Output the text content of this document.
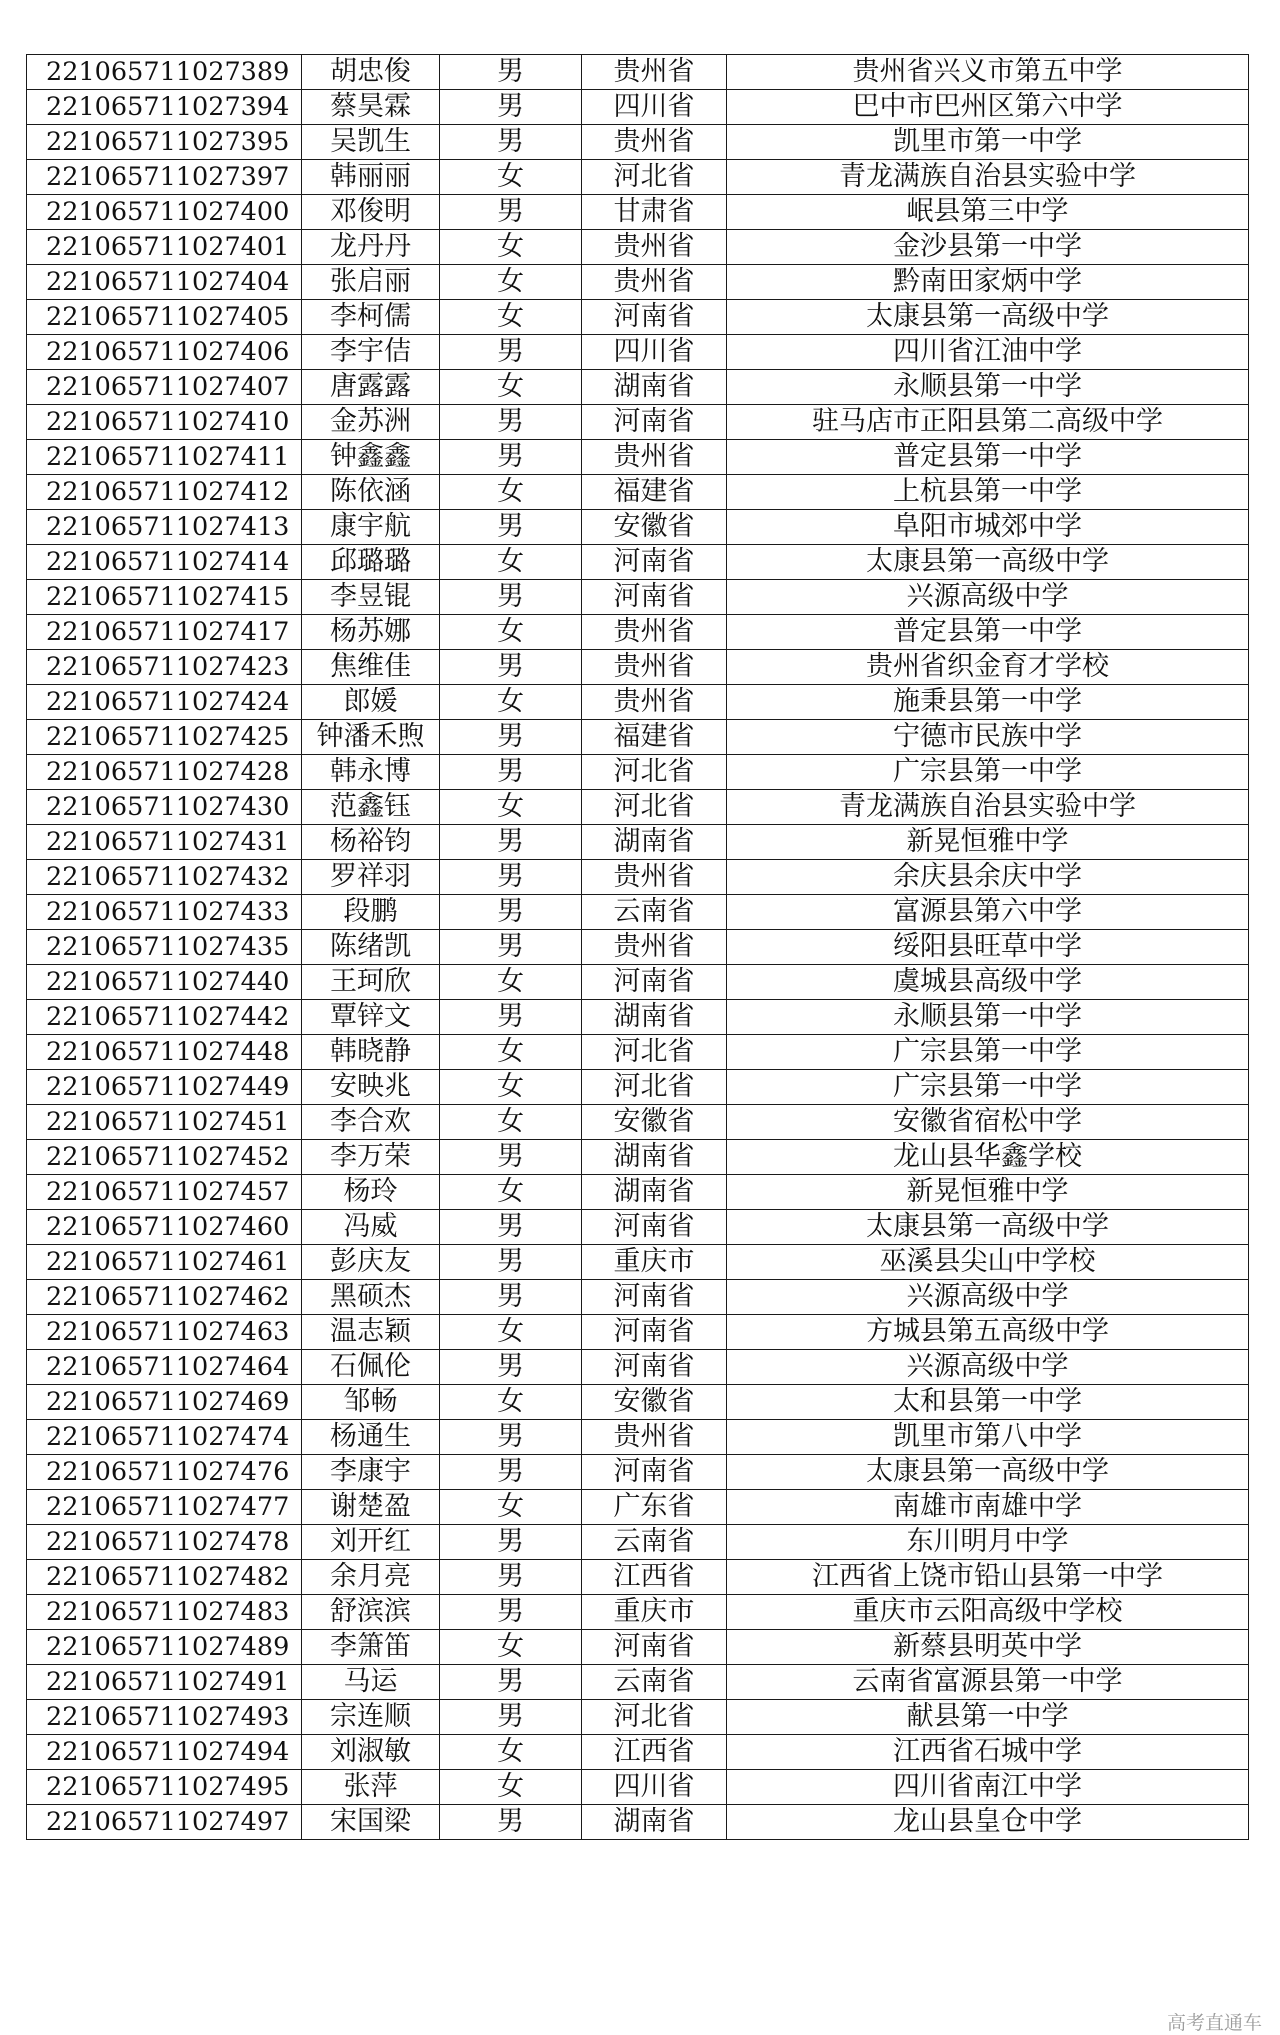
221065711027389	胡忠俊	男	贵州省	贵州省兴义市第五中学
221065711027394	蔡昊霖	男	四川省	巴中市巴州区第六中学
221065711027395	吴凯生	男	贵州省	凯里市第一中学
221065711027397	韩丽丽	女	河北省	青龙满族自治县实验中学
221065711027400	邓俊明	男	甘肃省	岷县第三中学
221065711027401	龙丹丹	女	贵州省	金沙县第一中学
221065711027404	张启丽	女	贵州省	黔南田家炳中学
221065711027405	李柯儒	女	河南省	太康县第一高级中学
221065711027406	李宇佶	男	四川省	四川省江油中学
221065711027407	唐露露	女	湖南省	永顺县第一中学
221065711027410	金苏洲	男	河南省	驻马店市正阳县第二高级中学
221065711027411	钟鑫鑫	男	贵州省	普定县第一中学
221065711027412	陈依涵	女	福建省	上杭县第一中学
221065711027413	康宇航	男	安徽省	阜阳市城郊中学
221065711027414	邱璐璐	女	河南省	太康县第一高级中学
221065711027415	李昱锟	男	河南省	兴源高级中学
221065711027417	杨苏娜	女	贵州省	普定县第一中学
221065711027423	焦维佳	男	贵州省	贵州省织金育才学校
221065711027424	郎媛	女	贵州省	施秉县第一中学
221065711027425	钟潘禾煦	男	福建省	宁德市民族中学
221065711027428	韩永博	男	河北省	广宗县第一中学
221065711027430	范鑫钰	女	河北省	青龙满族自治县实验中学
221065711027431	杨裕钧	男	湖南省	新晃恒雅中学
221065711027432	罗祥羽	男	贵州省	余庆县余庆中学
221065711027433	段鹏	男	云南省	富源县第六中学
221065711027435	陈绪凯	男	贵州省	绥阳县旺草中学
221065711027440	王珂欣	女	河南省	虞城县高级中学
221065711027442	覃锌文	男	湖南省	永顺县第一中学
221065711027448	韩晓静	女	河北省	广宗县第一中学
221065711027449	安映兆	女	河北省	广宗县第一中学
221065711027451	李合欢	女	安徽省	安徽省宿松中学
221065711027452	李万荣	男	湖南省	龙山县华鑫学校
221065711027457	杨玲	女	湖南省	新晃恒雅中学
221065711027460	冯威	男	河南省	太康县第一高级中学
221065711027461	彭庆友	男	重庆市	巫溪县尖山中学校
221065711027462	黑硕杰	男	河南省	兴源高级中学
221065711027463	温志颖	女	河南省	方城县第五高级中学
221065711027464	石佩伦	男	河南省	兴源高级中学
221065711027469	邹畅	女	安徽省	太和县第一中学
221065711027474	杨通生	男	贵州省	凯里市第八中学
221065711027476	李康宇	男	河南省	太康县第一高级中学
221065711027477	谢楚盈	女	广东省	南雄市南雄中学
221065711027478	刘开红	男	云南省	东川明月中学
221065711027482	余月亮	男	江西省	江西省上饶市铅山县第一中学
221065711027483	舒滨滨	男	重庆市	重庆市云阳高级中学校
221065711027489	李箫笛	女	河南省	新蔡县明英中学
221065711027491	马运	男	云南省	云南省富源县第一中学
221065711027493	宗连顺	男	河北省	献县第一中学
221065711027494	刘淑敏	女	江西省	江西省石城中学
221065711027495	张萍	女	四川省	四川省南江中学
221065711027497	宋国梁	男	湖南省	龙山县皇仓中学
高考直通车
